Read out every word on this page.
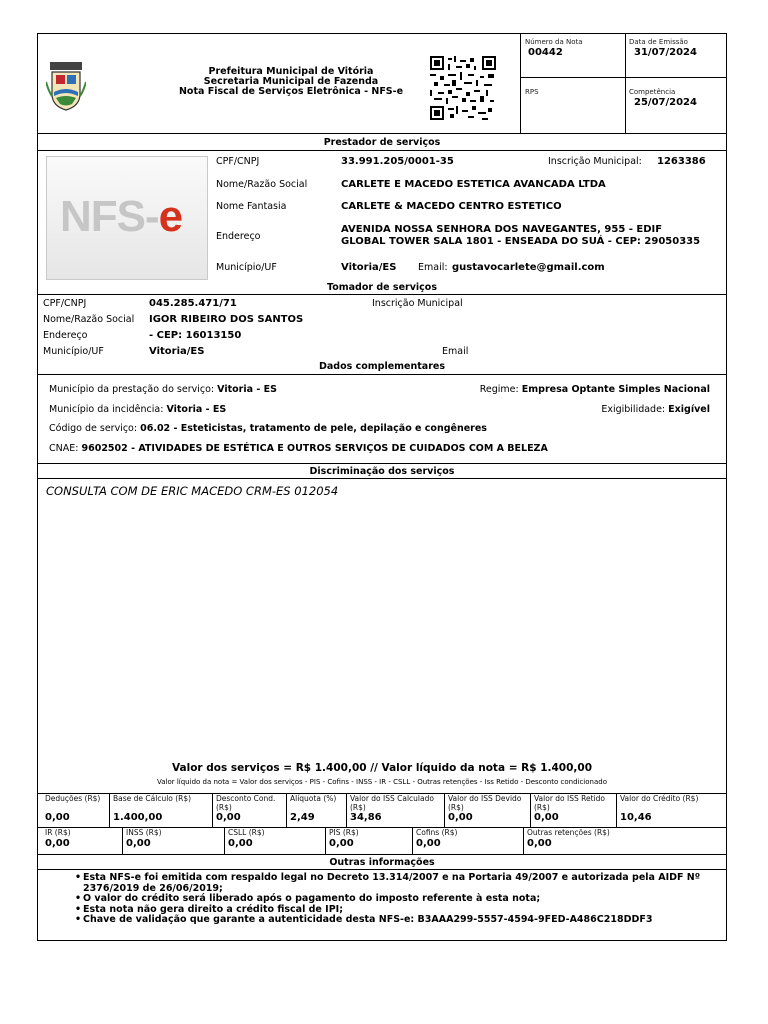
Prefeitura Municipal de Vitória
Secretaria Municipal de Fazenda
Nota Fiscal de Serviços Eletrônica - NFS-e
Número da Nota
00442
Data de Emissão
31/07/2024
RPS	Competência
25/07/2024
Prestador de serviços
NFS-e
CPF/CNPJ	33.991.205/0001-35	Inscrição Municipal: 1263386
Nome/Razão Social	CARLETE E MACEDO ESTETICA AVANCADA LTDA
Nome Fantasia	CARLETE & MACEDO CENTRO ESTETICO
Endereço
AVENIDA NOSSA SENHORA DOS NAVEGANTES, 955 - EDIF
GLOBAL TOWER SALA 1801 - ENSEADA DO SUÁ - CEP: 29050335
Município/UF	Vitoria/ES Email: gustavocarlete@gmail.com
Tomador de serviços
CPF/CNPJ	045.285.471/71	Inscrição Municipal
Nome/Razão Social IGOR RIBEIRO DOS SANTOS
Endereço	- CEP: 16013150
Município/UF	Vitoria/ES	Email
Dados complementares
Município da prestação do serviço: Vitoria - ES	Regime: Empresa Optante Simples Nacional
Município da incidência: Vitoria - ES	Exigibilidade: Exigível
Código de serviço: 06.02 - Esteticistas, tratamento de pele, depilação e congêneres
CNAE: 9602502 - ATIVIDADES DE ESTÉTICA E OUTROS SERVIÇOS DE CUIDADOS COM A BELEZA
Discriminação dos serviços
CONSULTA COM DE ERIC MACEDO CRM-ES 012054
Valor dos serviços = R$ 1.400,00 // Valor líquido da nota = R$ 1.400,00
Valor líquido da nota = Valor dos serviços - PIS - Cofins - INSS - IR - CSLL - Outras retenções - Iss Retido - Desconto condicionado
Deduções (R$)
0,00
Base de Cálculo (R$)
1.400,00
Desconto Cond. (R$)
0,00
Alíquota (%)
2,49
Valor do ISS Calculado (R$)
34,86
Valor do ISS Devido (R$)
0,00
Valor do ISS Retido (R$)
0,00
Valor do Crédito (R$)
10,46
IR (R$)
0,00
INSS (R$)
0,00
CSLL (R$)
0,00
PIS (R$)
0,00
Cofins (R$)
0,00
Outras retenções (R$)
0,00
Outras informações
• Esta NFS-e foi emitida com respaldo legal no Decreto 13.314/2007 e na Portaria 49/2007 e autorizada pela AIDF Nº 2376/2019 de 26/06/2019;
• O valor do crédito será liberado após o pagamento do imposto referente à esta nota;
• Esta nota não gera direito a crédito fiscal de IPI;
• Chave de validação que garante a autenticidade desta NFS-e: B3AAA299-5557-4594-9FED-A486C218DDF3
